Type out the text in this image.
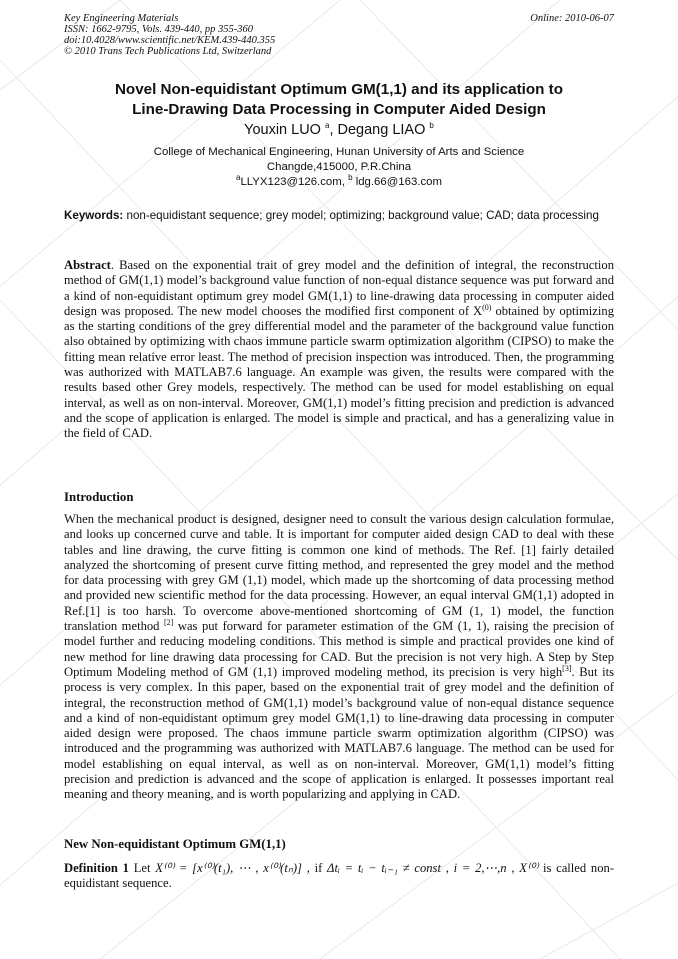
Key Engineering Materials
ISSN: 1662-9795, Vols. 439-440, pp 355-360
doi:10.4028/www.scientific.net/KEM.439-440.355
© 2010 Trans Tech Publications Ltd, Switzerland
Online: 2010-06-07
Novel Non-equidistant Optimum GM(1,1) and its application to
Line-Drawing Data Processing in Computer Aided Design
Youxin LUO $^a$, Degang LIAO $^b$
College of Mechanical Engineering, Hunan University of Arts and Science
Changde,415000, P.R.China
$^a$LLYX123@126.com, $^b$ ldg.66@163.com
Keywords: non-equidistant sequence; grey model; optimizing; background value; CAD; data processing
Abstract. Based on the exponential trait of grey model and the definition of integral, the reconstruction method of GM(1,1) model’s background value function of non-equal distance sequence was put forward and a kind of non-equidistant optimum grey model GM(1,1) to line-drawing data processing in computer aided design was proposed. The new model chooses the modified first component of $X^{(0)}$ obtained by optimizing as the starting conditions of the grey differential model and the parameter of the background value function also obtained by optimizing with chaos immune particle swarm optimization algorithm (CIPSO) to make the fitting mean relative error least. The method of precision inspection was introduced. Then, the programming was authorized with MATLAB7.6 language. An example was given, the results were compared with the results based other Grey models, respectively. The method can be used for model establishing on equal interval, as well as on non-interval. Moreover, GM(1,1) model’s fitting precision and prediction is advanced and the scope of application is enlarged. The model is simple and practical, and has a generalizing value in the field of CAD.
Introduction
When the mechanical product is designed, designer need to consult the various design calculation formulae, and looks up concerned curve and table. It is important for computer aided design CAD to deal with these tables and line drawing, the curve fitting is common one kind of methods. The Ref. [1] fairly detailed analyzed the shortcoming of present curve fitting method, and represented the grey model and the method for data processing with grey GM (1,1) model, which made up the shortcoming of data processing method and provided new scientific method for the data processing. However, an equal interval GM(1,1) adopted in Ref.[1] is too harsh. To overcome above-mentioned shortcoming of GM (1, 1) model, the function translation method [2] was put forward for parameter estimation of the GM (1, 1), raising the precision of model further and reducing modeling conditions. This method is simple and practical provides one kind of new method for line drawing data processing for CAD. But the precision is not very high. A Step by Step Optimum Modeling method of GM (1,1) improved modeling method, its precision is very high[3]. But its process is very complex. In this paper, based on the exponential trait of grey model and the definition of integral, the reconstruction method of GM(1,1) model’s background value of non-equal distance sequence and a kind of non-equidistant optimum grey model GM(1,1) to line-drawing data processing in computer aided design were proposed. The chaos immune particle swarm optimization algorithm (CIPSO) was introduced and the programming was authorized with MATLAB7.6 language. The method can be used for model establishing on equal interval, as well as on non-interval. Moreover, GM(1,1) model’s fitting precision and prediction is advanced and the scope of application is enlarged. It possesses important real meaning and theory meaning, and is worth popularizing and applying in CAD.
New Non-equidistant Optimum GM(1,1)
Definition 1 Let X⁽⁰⁾ = [x⁽⁰⁾(t₁), ⋯ , x⁽⁰⁾(tₙ)] , if Δtᵢ = tᵢ − tᵢ₋₁ ≠ const , i = 2,⋯,n , X⁽⁰⁾ is called non-equidistant sequence.
